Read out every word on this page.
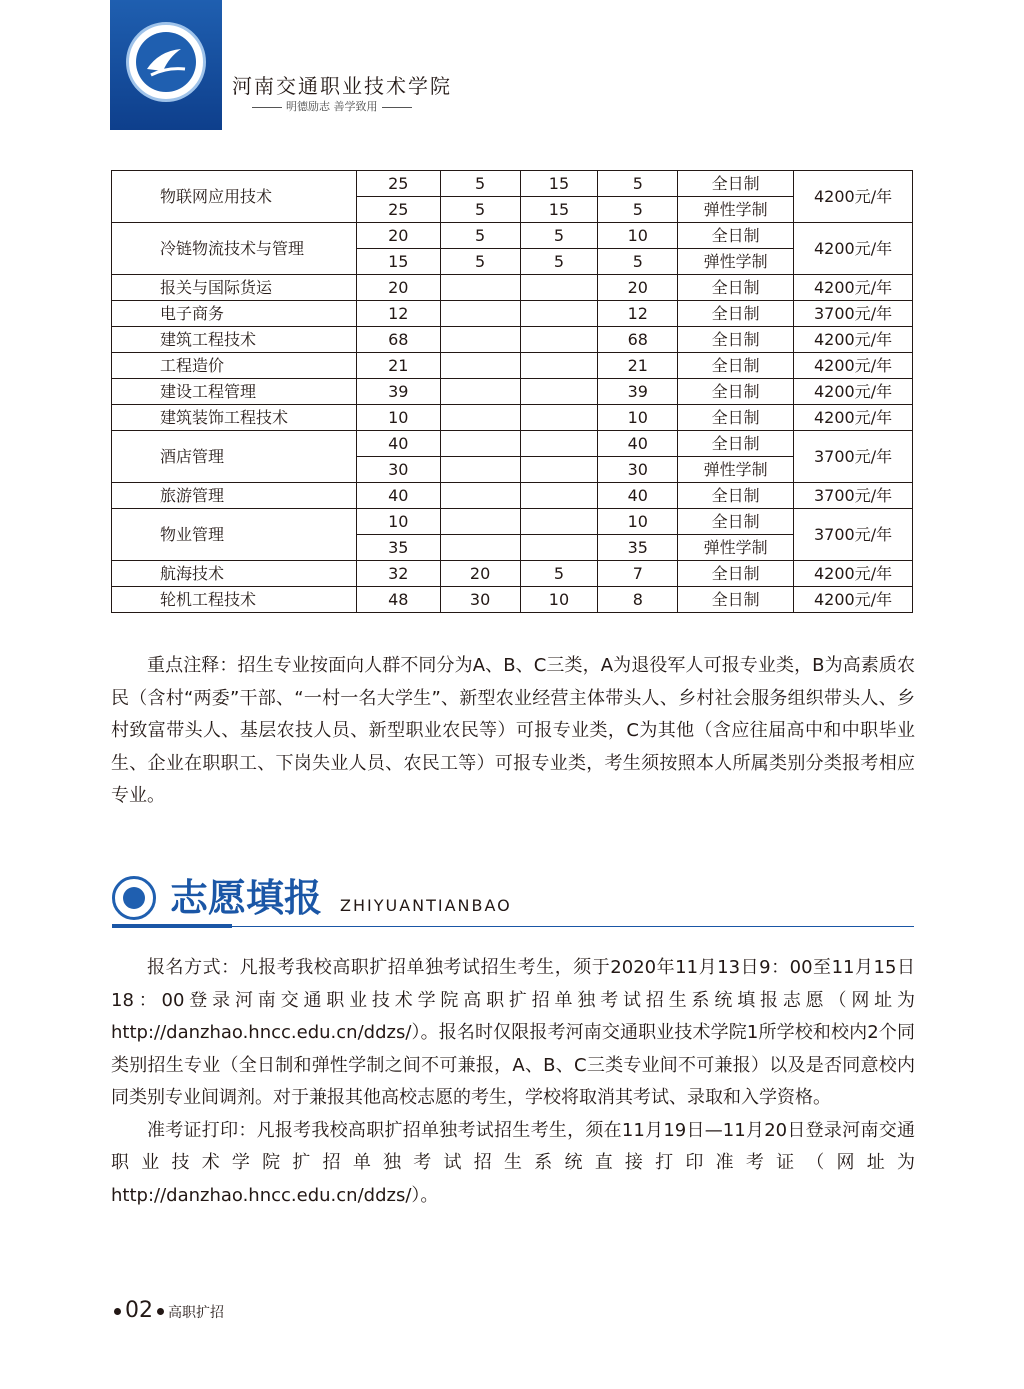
河南交通职业技术学院
明德励志 善学致用
物联网应用技术	25	5	15	5	全日制	4200元/年
	25	5	15	5	弹性学制	
冷链物流技术与管理	20	5	5	10	全日制	4200元/年
	15	5	5	5	弹性学制	
报关与国际货运	20			20	全日制	4200元/年
电子商务	12			12	全日制	3700元/年
建筑工程技术	68			68	全日制	4200元/年
工程造价	21			21	全日制	4200元/年
建设工程管理	39			39	全日制	4200元/年
建筑装饰工程技术	10			10	全日制	4200元/年
酒店管理	40			40	全日制	3700元/年
	30			30	弹性学制	
旅游管理	40			40	全日制	3700元/年
物业管理	10			10	全日制	3700元/年
	35			35	弹性学制	
航海技术	32	20	5	7	全日制	4200元/年
轮机工程技术	48	30	10	8	全日制	4200元/年

重点注释：招生专业按面向人群不同分为A、B、C三类，A为退役军人可报专业类，B为高素质农民（含村“两委”干部、“一村一名大学生”、新型农业经营主体带头人、乡村社会服务组织带头人、乡村致富带头人、基层农技人员、新型职业农民等）可报专业类，C为其他（含应往届高中和中职毕业生、企业在职职工、下岗失业人员、农民工等）可报专业类，考生须按照本人所属类别分类报考相应专业。

志愿填报 ZHIYUANTIANBAO

报名方式：凡报考我校高职扩招单独考试招生考生，须于2020年11月13日9：00至11月15日18：00登录河南交通职业技术学院高职扩招单独考试招生系统填报志愿（网址为http://danzhao.hncc.edu.cn/ddzs/）。报名时仅限报考河南交通职业技术学院1所学校和校内2个同类别招生专业（全日制和弹性学制之间不可兼报，A、B、C三类专业间不可兼报）以及是否同意校内同类别专业间调剂。对于兼报其他高校志愿的考生，学校将取消其考试、录取和入学资格。

准考证打印：凡报考我校高职扩招单独考试招生考生，须在11月19日—11月20日登录河南交通职业技术学院扩招单独考试招生系统直接打印准考证（网址为http://danzhao.hncc.edu.cn/ddzs/）。

02 高职扩招
